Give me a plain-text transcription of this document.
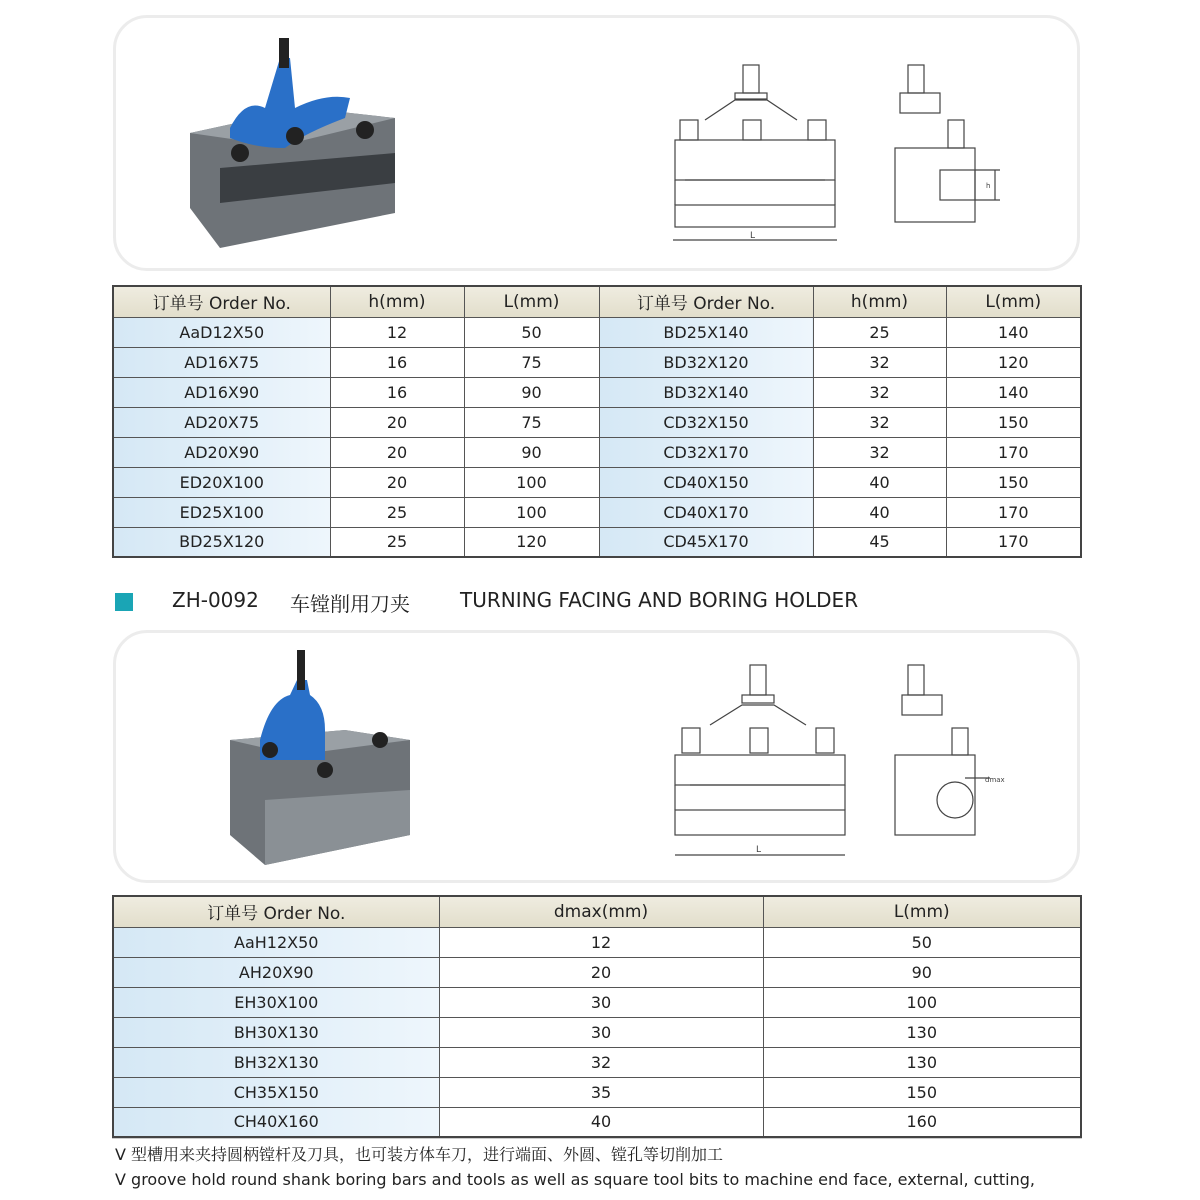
L
h
订单号 Order No.	h(mm)	L(mm)	订单号 Order No.	h(mm)	L(mm)
AaD12X50	12	50	BD25X140	25	140
AD16X75	16	75	BD32X120	32	120
AD16X90	16	90	BD32X140	32	140
AD20X75	20	75	CD32X150	32	150
AD20X90	20	90	CD32X170	32	170
ED20X100	20	100	CD40X150	40	150
ED25X100	25	100	CD40X170	40	170
BD25X120	25	120	CD45X170	45	170
ZH-0092 车镗削用刀夹	TURNING FACING AND BORING HOLDER
L
dmax
订单号 Order No.	dmax(mm)	L(mm)
AaH12X50	12	50
AH20X90	20	90
EH30X100	30	100
BH30X130	30	130
BH32X130	32	130
CH35X150	35	150
CH40X160	40	160
V 型槽用来夹持圆柄镗杆及刀具，也可装方体车刀，进行端面、外圆、镗孔等切削加工
V groove hold round shank boring bars and tools as well as square tool bits to machine end face, external, cutting,
